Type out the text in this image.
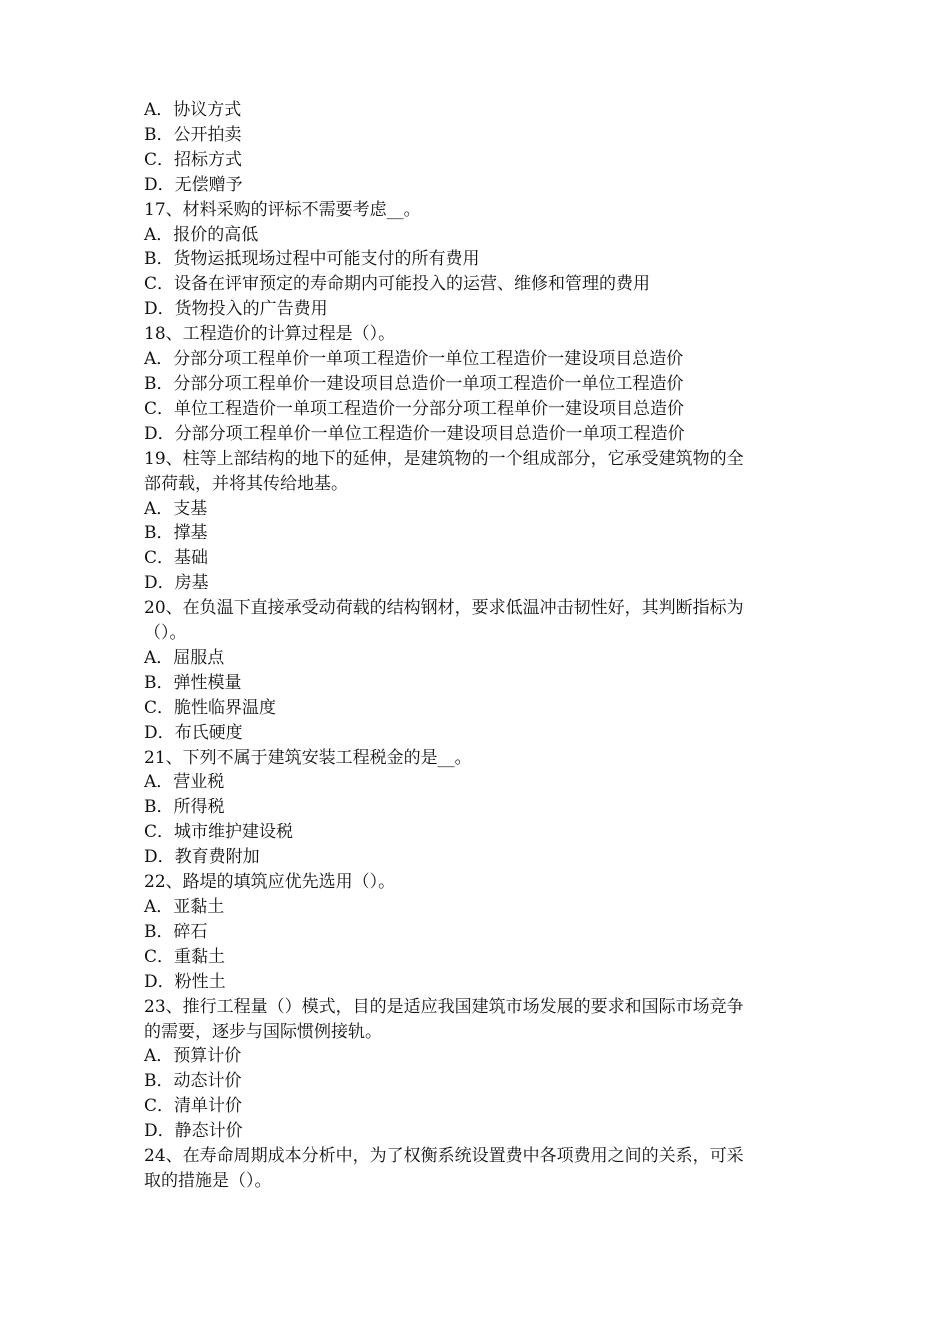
A．协议方式
B．公开拍卖
C．招标方式
D．无偿赠予
17、材料采购的评标不需要考虑__。
A．报价的高低
B．货物运抵现场过程中可能支付的所有费用
C．设备在评审预定的寿命期内可能投入的运营、维修和管理的费用
D．货物投入的广告费用
18、工程造价的计算过程是（）。
A．分部分项工程单价一单项工程造价一单位工程造价一建设项目总造价
B．分部分项工程单价一建设项目总造价一单项工程造价一单位工程造价
C．单位工程造价一单项工程造价一分部分项工程单价一建设项目总造价
D．分部分项工程单价一单位工程造价一建设项目总造价一单项工程造价
19、柱等上部结构的地下的延伸，是建筑物的一个组成部分，它承受建筑物的全
部荷载，并将其传给地基。
A．支基
B．撑基
C．基础
D．房基
20、在负温下直接承受动荷载的结构钢材，要求低温冲击韧性好，其判断指标为
（）。
A．屈服点
B．弹性模量
C．脆性临界温度
D．布氏硬度
21、下列不属于建筑安装工程税金的是__。
A．营业税
B．所得税
C．城市维护建设税
D．教育费附加
22、路堤的填筑应优先选用（）。
A．亚黏土
B．碎石
C．重黏土
D．粉性土
23、推行工程量（）模式，目的是适应我国建筑市场发展的要求和国际市场竞争
的需要，逐步与国际惯例接轨。
A．预算计价
B．动态计价
C．清单计价
D．静态计价
24、在寿命周期成本分析中，为了权衡系统设置费中各项费用之间的关系，可采
取的措施是（）。
